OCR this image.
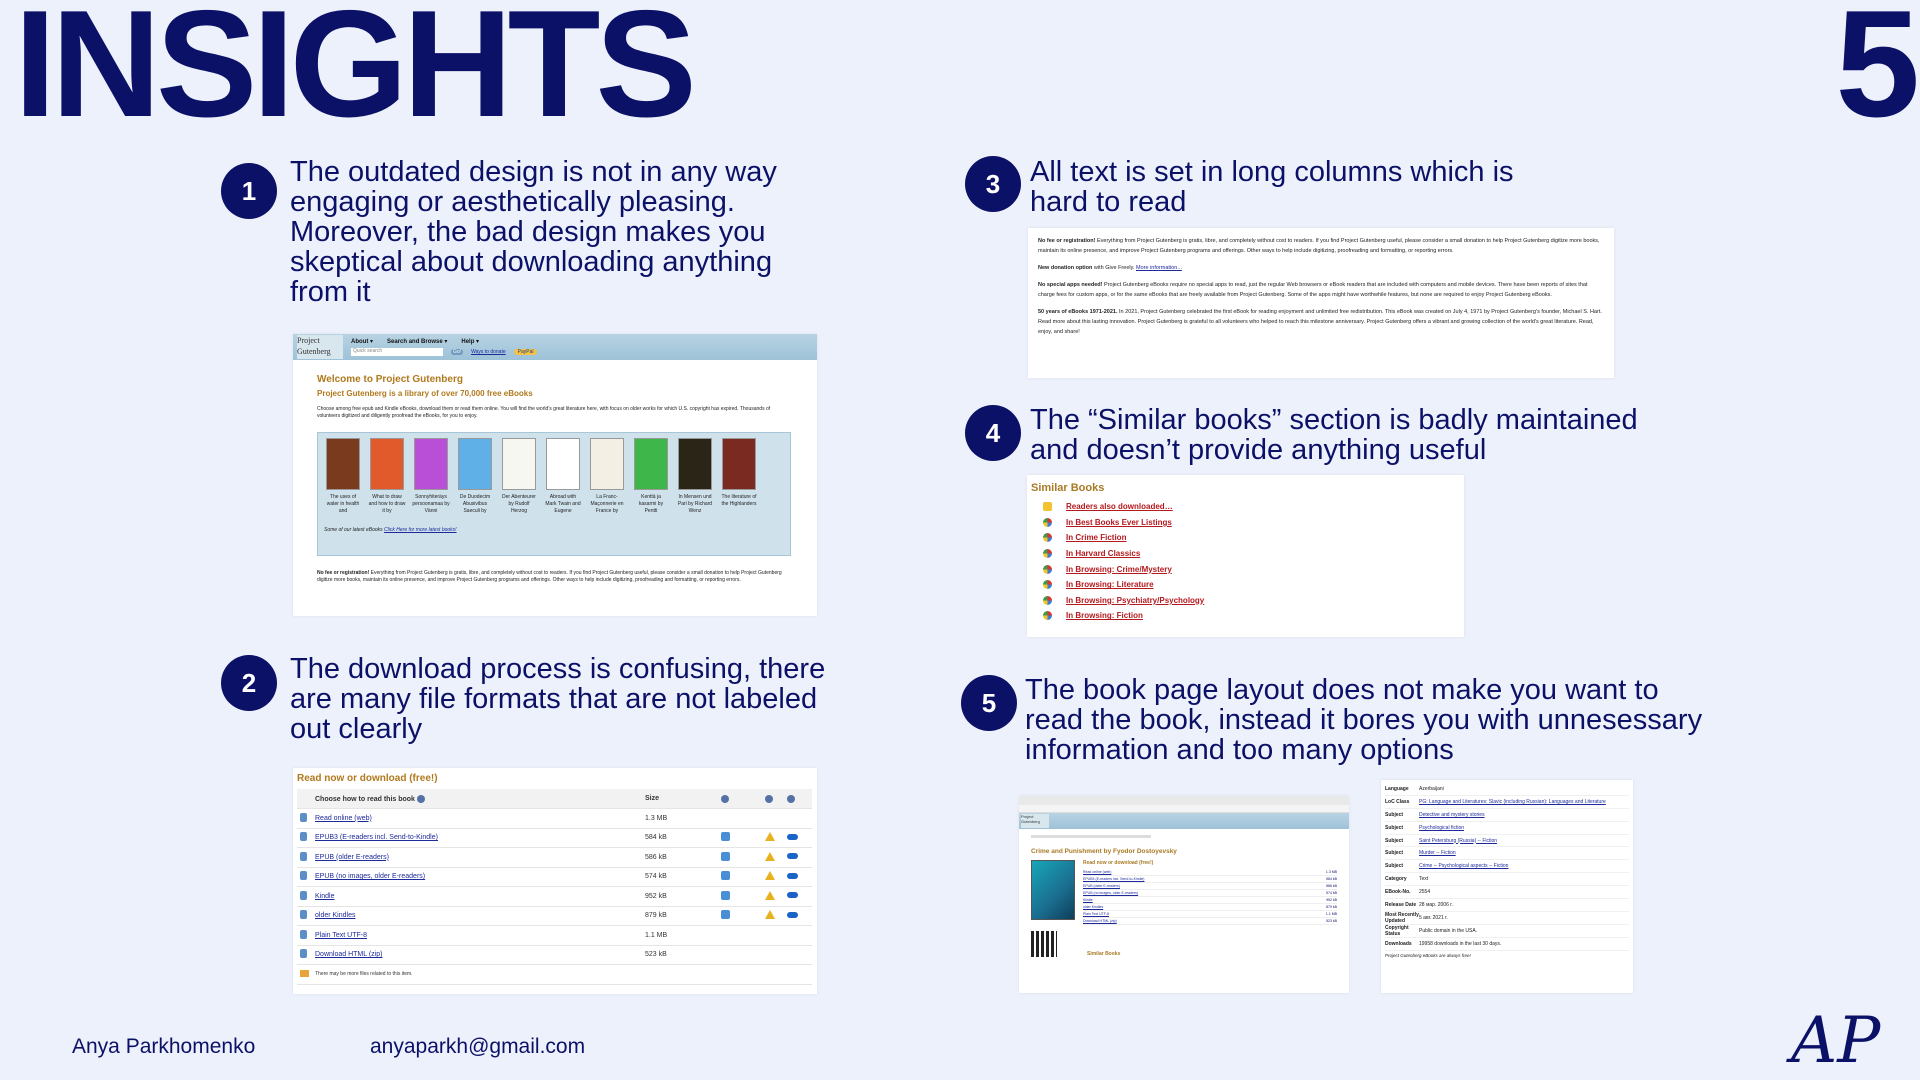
INSIGHTS	5
1
The outdated design is not in any way engaging or aesthetically pleasing. Moreover, the bad design makes you skeptical about downloading anything from it
Project Gutenberg
About ▾ Search and Browse ▾ Help ▾
Quick search	Go!	Ways to donate	PayPal
Welcome to Project Gutenberg
Project Gutenberg is a library of over 70,000 free eBooks
Choose among free epub and Kindle eBooks, download them or read them online. You will find the world’s great literature here, with focus on older works for which U.S. copyright has expired. Thousands of volunteers digitized and diligently proofread the eBooks, for you to enjoy.
The uses of water in health and
What to draw and how to draw it by
Sonnyhiteräys persoonamaa by Vänni
De Duodecim Abusivibus Saeculi by
Der Abenteurer by Rudolf Herzog
Abroad with Mark Twain and Eugene
La Franc-Maçonnerie en France by
Kenttä ja kasarmi by Pentti
In Mensen und Pari by Richard Wenz
The literature of the Highlanders
Some of our latest eBooks Click Here for more latest books!
No fee or registration! Everything from Project Gutenberg is gratis, libre, and completely without cost to readers. If you find Project Gutenberg useful, please consider a small donation to help Project Gutenberg digitize more books, maintain its online presence, and improve Project Gutenberg programs and offerings. Other ways to help include digitizing, proofreading and formatting, or reporting errors.
2	The download process is confusing, there are many file formats that are not labeled out clearly
Read now or download (free!)
	Choose how to read this book	Size			
	Read online (web)	1.3 MB			
	EPUB3 (E-readers incl. Send-to-Kindle)	584 kB			
	EPUB (older E-readers)	586 kB			
	EPUB (no images, older E-readers)	574 kB			
	Kindle	952 kB			
	older Kindles	879 kB			
	Plain Text UTF-8	1.1 MB			
	Download HTML (zip)	523 kB			
	There may be more files related to this item.				
3	All text is set in long columns which is hard to read

No fee or registration! Everything from Project Gutenberg is gratis, libre, and completely without cost to readers. If you find Project Gutenberg useful, please consider a small donation to help Project Gutenberg digitize more books, maintain its online presence, and improve Project Gutenberg programs and offerings. Other ways to help include digitizing, proofreading and formatting, or reporting errors.

New donation option with Give Freely. More information...

No special apps needed! Project Gutenberg eBooks require no special apps to read, just the regular Web browsers or eBook readers that are included with computers and mobile devices. There have been reports of sites that charge fees for custom apps, or for the same eBooks that are freely available from Project Gutenberg. Some of the apps might have worthwhile features, but none are required to enjoy Project Gutenberg eBooks.

50 years of eBooks 1971-2021. In 2021, Project Gutenberg celebrated the first eBook for reading enjoyment and unlimited free redistribution. This eBook was created on July 4, 1971 by Project Gutenberg’s founder, Michael S. Hart. Read more about this lasting innovation. Project Gutenberg is grateful to all volunteers who helped to reach this milestone anniversary. Project Gutenberg offers a vibrant and growing collection of the world’s great literature. Read, enjoy, and share!

4	The “Similar books” section is badly maintained and doesn’t provide anything useful
Similar Books
Readers also downloaded…
In Best Books Ever Listings
In Crime Fiction
In Harvard Classics
In Browsing: Crime/Mystery
In Browsing: Literature
In Browsing: Psychiatry/Psychology
In Browsing: Fiction
5 The book page layout does not make you want to read the book, instead it bores you with unnesessary information and too many options
Project Gutenberg
Crime and Punishment by Fyodor Dostoyevsky
Read now or download (free!)
Read online (web)	1.3 MB
EPUB3 (E-readers incl. Send-to-Kindle)	584 kB
EPUB (older E-readers)	586 kB
EPUB (no images, older E-readers)	574 kB
Kindle	952 kB
older Kindles	879 kB
Plain Text UTF-8	1.1 MB
Download HTML (zip)	523 kB
Similar Books
Language	Azerbaijani
LoC Class	PG: Language and Literatures: Slavic (including Russian): Languages and Literature
Subject	Detective and mystery stories
Subject	Psychological fiction
Subject	Saint Petersburg (Russia) -- Fiction
Subject	Murder -- Fiction
Subject	Crime -- Psychological aspects -- Fiction
Category	Text
EBook-No.	2554
Release Date 28 мар. 2006 г.
Most Recently Updated	5 авг. 2021 г.
Copyright Status	Public domain in the USA.
Downloads	19958 downloads in the last 30 days.
Project Gutenberg eBooks are always free!
Anya Parkhomenko	anyaparkh@gmail.com	AP
